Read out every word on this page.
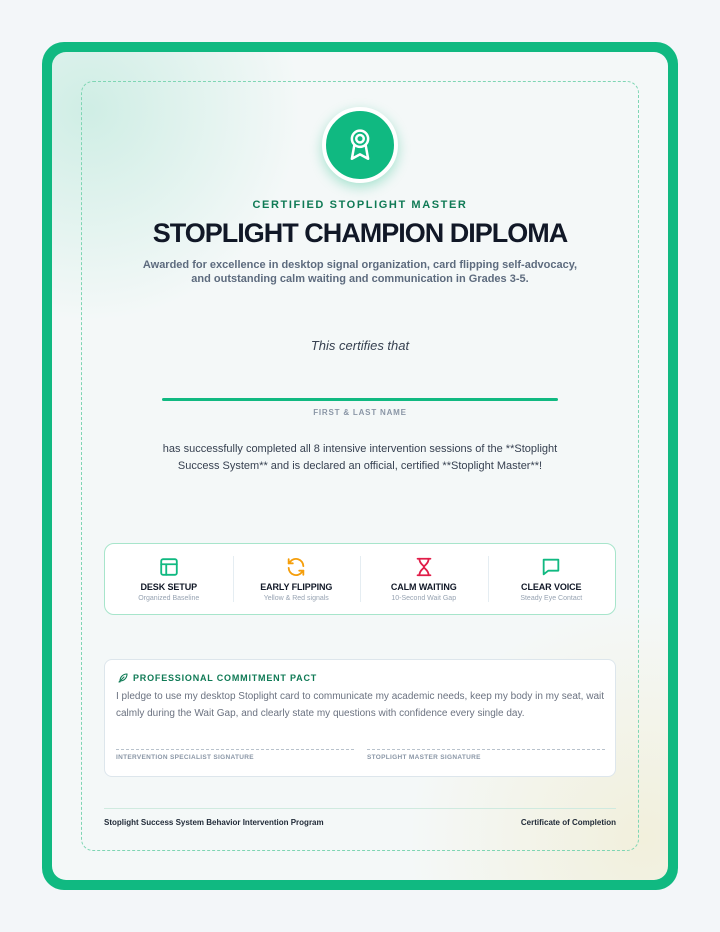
CERTIFIED STOPLIGHT MASTER
STOPLIGHT CHAMPION DIPLOMA
Awarded for excellence in desktop signal organization, card flipping self-advocacy, and outstanding calm waiting and communication in Grades 3-5.
This certifies that
FIRST & LAST NAME
has successfully completed all 8 intensive intervention sessions of the **Stoplight Success System** and is declared an official, certified **Stoplight Master**!
DESK SETUP
Organized Baseline
EARLY FLIPPING
Yellow & Red signals
CALM WAITING
10-Second Wait Gap
CLEAR VOICE
Steady Eye Contact
PROFESSIONAL COMMITMENT PACT
I pledge to use my desktop Stoplight card to communicate my academic needs, keep my body in my seat, wait calmly during the Wait Gap, and clearly state my questions with confidence every single day.
INTERVENTION SPECIALIST SIGNATURE	STOPLIGHT MASTER SIGNATURE
Stoplight Success System Behavior Intervention Program	Certificate of Completion
